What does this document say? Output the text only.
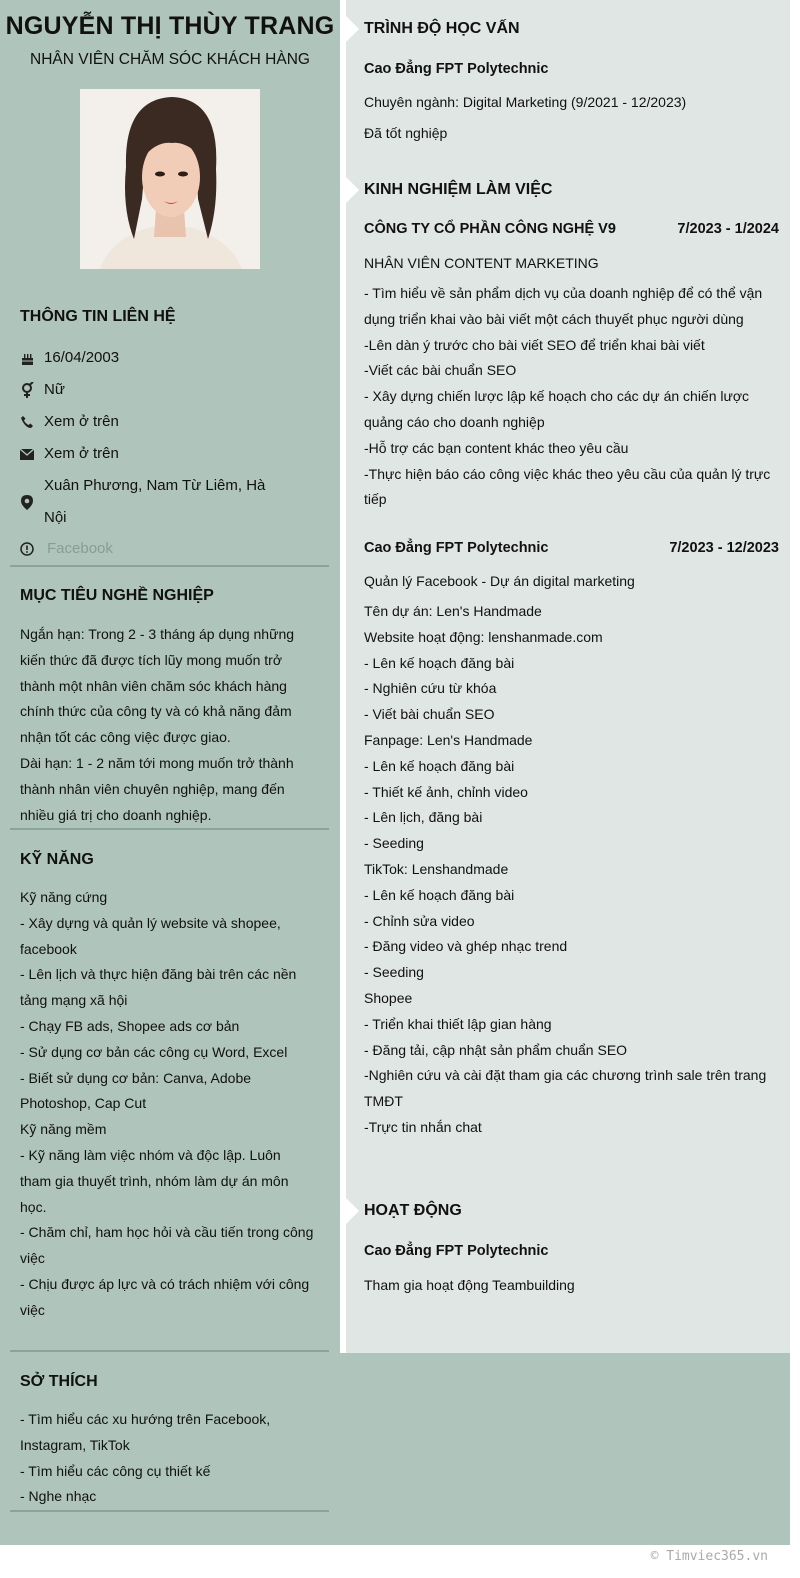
NGUYỄN THỊ THÙY TRANG
NHÂN VIÊN CHĂM SÓC KHÁCH HÀNG
THÔNG TIN LIÊN HỆ
16/04/2003
Nữ
Xem ở trên
Xem ở trên
Xuân Phương, Nam Từ Liêm, Hà Nội
Facebook
MỤC TIÊU NGHỀ NGHIỆP
Ngắn hạn: Trong 2 - 3 tháng áp dụng những kiến thức đã được tích lũy mong muốn trở thành một nhân viên chăm sóc khách hàng chính thức của công ty và có khả năng đảm nhận tốt các công việc được giao.
Dài hạn: 1 - 2 năm tới mong muốn trở thành thành nhân viên chuyên nghiệp, mang đến nhiều giá trị cho doanh nghiệp.
KỸ NĂNG
Kỹ năng cứng
- Xây dựng và quản lý website và shopee, facebook
- Lên lịch và thực hiện đăng bài trên các nền tảng mạng xã hội
- Chạy FB ads, Shopee ads cơ bản
- Sử dụng cơ bản các công cụ Word, Excel
- Biết sử dụng cơ bản: Canva, Adobe Photoshop, Cap Cut
Kỹ năng mềm
- Kỹ năng làm việc nhóm và độc lập. Luôn tham gia thuyết trình, nhóm làm dự án môn học.
- Chăm chỉ, ham học hỏi và cầu tiến trong công việc
- Chịu được áp lực và có trách nhiệm với công việc
SỞ THÍCH
- Tìm hiểu các xu hướng trên Facebook, Instagram, TikTok
- Tìm hiểu các công cụ thiết kế
- Nghe nhạc
TRÌNH ĐỘ HỌC VẤN
Cao Đẳng FPT Polytechnic
Chuyên ngành: Digital Marketing (9/2021 - 12/2023)
Đã tốt nghiệp
KINH NGHIỆM LÀM VIỆC
CÔNG TY CỔ PHẦN CÔNG NGHỆ V9	7/2023 - 1/2024
NHÂN VIÊN CONTENT MARKETING
- Tìm hiểu về sản phẩm dịch vụ của doanh nghiệp để có thể vận dụng triển khai vào bài viết một cách thuyết phục người dùng
-Lên dàn ý trước cho bài viết SEO để triển khai bài viết
-Viết các bài chuẩn SEO
- Xây dựng chiến lược lập kế hoạch cho các dự án chiến lược quảng cáo cho doanh nghiệp
-Hỗ trợ các bạn content khác theo yêu cầu
-Thực hiện báo cáo công việc khác theo yêu cầu của quản lý trực tiếp
Cao Đẳng FPT Polytechnic	7/2023 - 12/2023
Quản lý Facebook - Dự án digital marketing
Tên dự án: Len's Handmade
Website hoạt động: lenshanmade.com
- Lên kế hoạch đăng bài
- Nghiên cứu từ khóa
- Viết bài chuẩn SEO
Fanpage: Len's Handmade
- Lên kế hoạch đăng bài
- Thiết kế ảnh, chỉnh video
- Lên lịch, đăng bài
- Seeding
TikTok: Lenshandmade
- Lên kế hoạch đăng bài
- Chỉnh sửa video
- Đăng video và ghép nhạc trend
- Seeding
Shopee
- Triển khai thiết lập gian hàng
- Đăng tải, cập nhật sản phẩm chuẩn SEO
-Nghiên cứu và cài đặt tham gia các chương trình sale trên trang TMĐT
-Trực tin nhắn chat
HOẠT ĐỘNG
Cao Đẳng FPT Polytechnic
Tham gia hoạt động Teambuilding
© Timviec365.vn
